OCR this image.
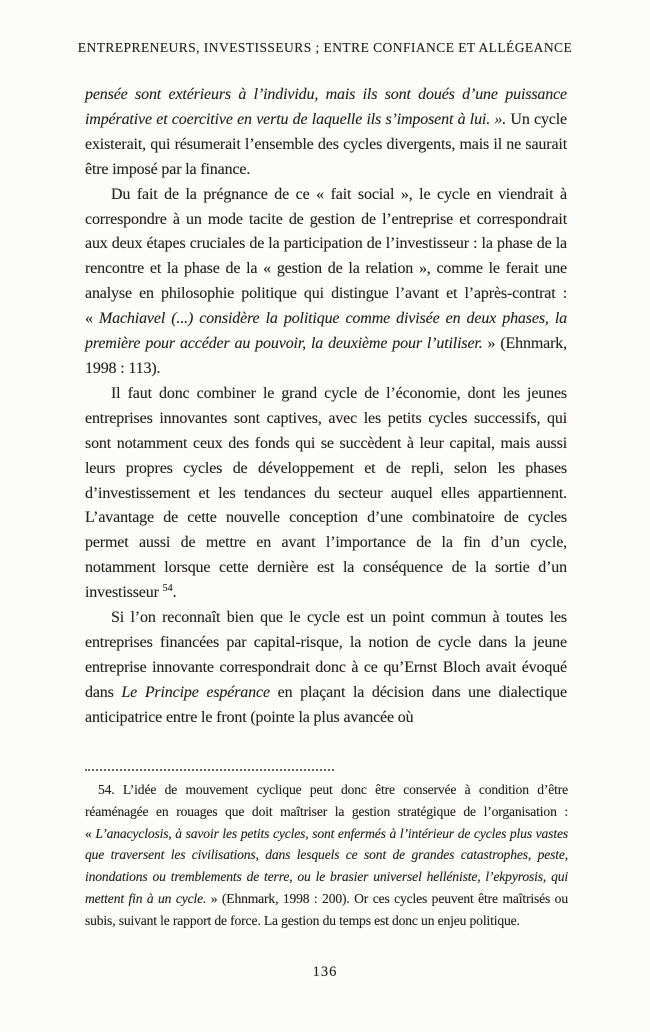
ENTREPRENEURS, INVESTISSEURS ; ENTRE CONFIANCE ET ALLÉGEANCE

pensée sont extérieurs à l’individu, mais ils sont doués d’une puissance impérative et coercitive en vertu de laquelle ils s’imposent à lui. ». Un cycle existerait, qui résumerait l’ensemble des cycles divergents, mais il ne saurait être imposé par la finance.

Du fait de la prégnance de ce « fait social », le cycle en viendrait à correspondre à un mode tacite de gestion de l’entreprise et correspondrait aux deux étapes cruciales de la participation de l’investisseur : la phase de la rencontre et la phase de la « gestion de la relation », comme le ferait une analyse en philosophie politique qui distingue l’avant et l’après-contrat : « Machiavel (...) considère la politique comme divisée en deux phases, la première pour accéder au pouvoir, la deuxième pour l’utiliser. » (Ehnmark, 1998 : 113).

Il faut donc combiner le grand cycle de l’économie, dont les jeunes entreprises innovantes sont captives, avec les petits cycles successifs, qui sont notamment ceux des fonds qui se succèdent à leur capital, mais aussi leurs propres cycles de développement et de repli, selon les phases d’investissement et les tendances du secteur auquel elles appartiennent. L’avantage de cette nouvelle conception d’une combinatoire de cycles permet aussi de mettre en avant l’importance de la fin d’un cycle, notamment lorsque cette dernière est la conséquence de la sortie d’un investisseur $^{54}$.

Si l’on reconnaît bien que le cycle est un point commun à toutes les entreprises financées par capital-risque, la notion de cycle dans la jeune entreprise innovante correspondrait donc à ce qu’Ernst Bloch avait évoqué dans Le Principe espérance en plaçant la décision dans une dialectique anticipatrice entre le front (pointe la plus avancée où

54. L’idée de mouvement cyclique peut donc être conservée à condition d’être réaménagée en rouages que doit maîtriser la gestion stratégique de l’organisation : « L’anacyclosis, à savoir les petits cycles, sont enfermés à l’intérieur de cycles plus vastes que traversent les civilisations, dans lesquels ce sont de grandes catastrophes, peste, inondations ou tremblements de terre, ou le brasier universel helléniste, l’ekpyrosis, qui mettent fin à un cycle. » (Ehnmark, 1998 : 200). Or ces cycles peuvent être maîtrisés ou subis, suivant le rapport de force. La gestion du temps est donc un enjeu politique.
136
